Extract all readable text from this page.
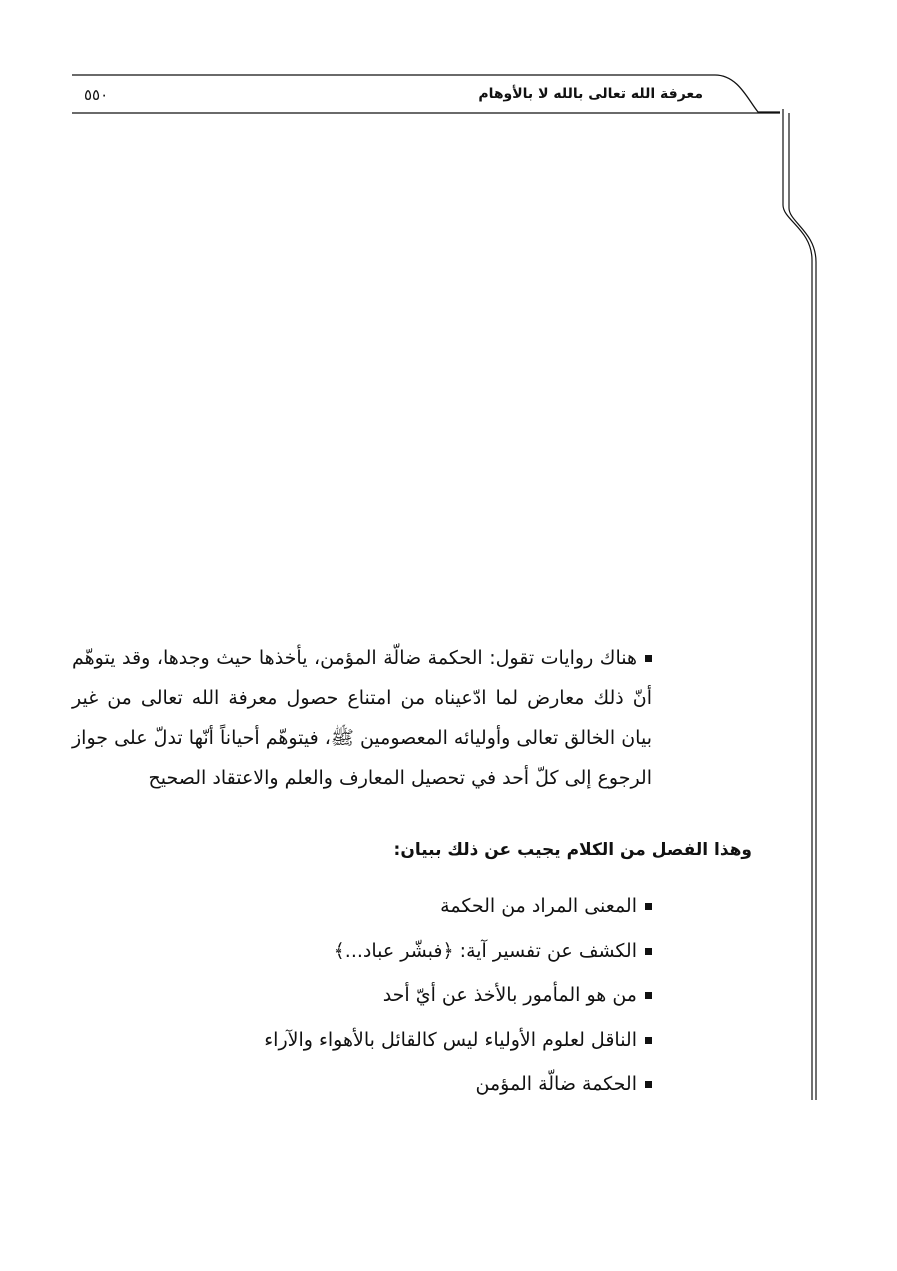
معرفة الله تعالى بالله لا بالأوهام
٥٥٠

هناك روايات تقول: الحكمة ضالّة المؤمن، يأخذها حيث وجدها، وقد يتوهّم أنّ ذلك معارض لما ادّعيناه من امتناع حصول معرفة الله تعالى من غير بيان الخالق تعالى وأوليائه المعصومين ﷺ، فيتوهّم أحياناً أنّها تدلّ على جواز الرجوع إلى كلّ أحد في تحصيل المعارف والعلم والاعتقاد الصحيح

وهذا الفصل من الكلام يجيب عن ذلك ببيان:

المعنى المراد من الحكمة
الكشف عن تفسير آية: ﴿فبشّر عباد...﴾
من هو المأمور بالأخذ عن أيّ أحد
الناقل لعلوم الأولياء ليس كالقائل بالأهواء والآراء
الحكمة ضالّة المؤمن
